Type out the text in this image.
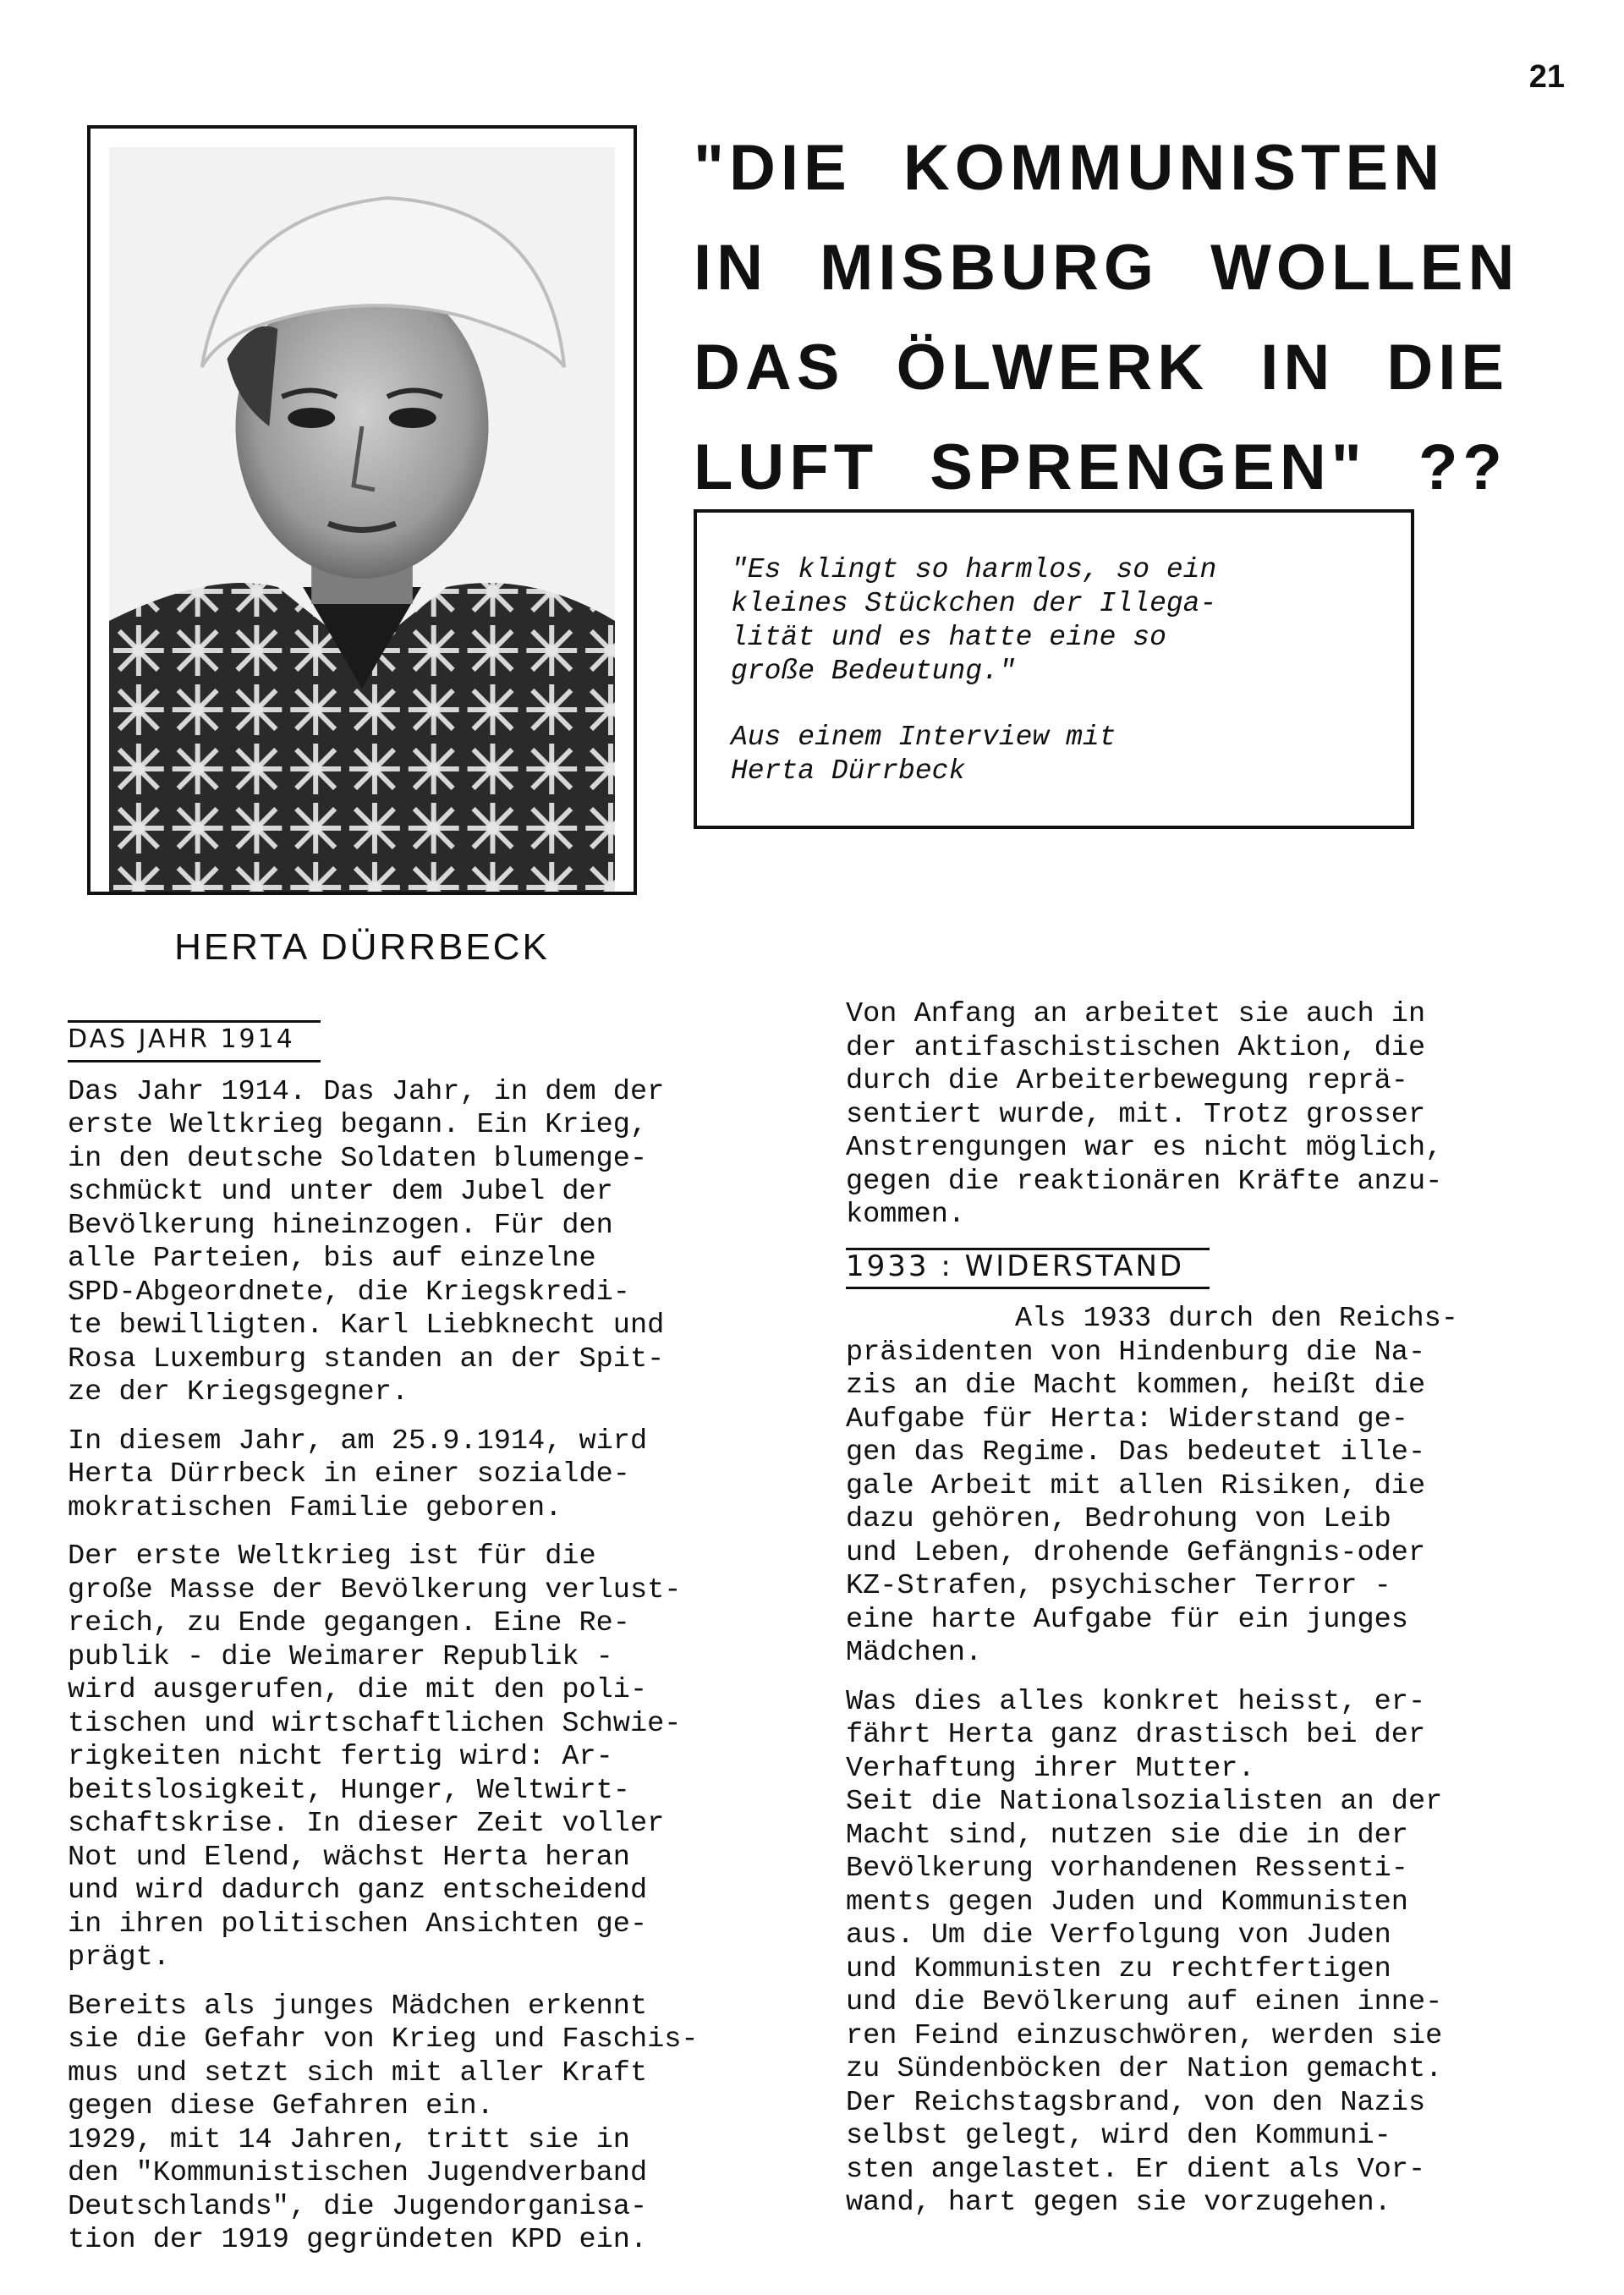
21
HERTA DÜRRBECK
"DIE KOMMUNISTEN
IN MISBURG WOLLEN
DAS ÖLWERK IN DIE
LUFT SPRENGEN" ??

"Es klingt so harmlos, so ein
kleines Stückchen der Illega-
lität und es hatte eine so
große Bedeutung."

Aus einem Interview mit
Herta Dürrbeck

DAS JAHR 1914

Das Jahr 1914. Das Jahr, in dem der
erste Weltkrieg begann. Ein Krieg,
in den deutsche Soldaten blumenge-
schmückt und unter dem Jubel der
Bevölkerung hineinzogen. Für den
alle Parteien, bis auf einzelne
SPD-Abgeordnete, die Kriegskredi-
te bewilligten. Karl Liebknecht und
Rosa Luxemburg standen an der Spit-
ze der Kriegsgegner.

In diesem Jahr, am 25.9.1914, wird
Herta Dürrbeck in einer sozialde-
mokratischen Familie geboren.

Der erste Weltkrieg ist für die
große Masse der Bevölkerung verlust-
reich, zu Ende gegangen. Eine Re-
publik - die Weimarer Republik -
wird ausgerufen, die mit den poli-
tischen und wirtschaftlichen Schwie-
rigkeiten nicht fertig wird: Ar-
beitslosigkeit, Hunger, Weltwirt-
schaftskrise. In dieser Zeit voller
Not und Elend, wächst Herta heran
und wird dadurch ganz entscheidend
in ihren politischen Ansichten ge-
prägt.

Bereits als junges Mädchen erkennt
sie die Gefahr von Krieg und Faschis-
mus und setzt sich mit aller Kraft
gegen diese Gefahren ein.
1929, mit 14 Jahren, tritt sie in
den "Kommunistischen Jugendverband
Deutschlands", die Jugendorganisa-
tion der 1919 gegründeten KPD ein.

Von Anfang an arbeitet sie auch in
der antifaschistischen Aktion, die
durch die Arbeiterbewegung reprä-
sentiert wurde, mit. Trotz grosser
Anstrengungen war es nicht möglich,
gegen die reaktionären Kräfte anzu-
kommen.

1933 : WIDERSTAND

Als 1933 durch den Reichs-
präsidenten von Hindenburg die Na-
zis an die Macht kommen, heißt die
Aufgabe für Herta: Widerstand ge-
gen das Regime. Das bedeutet ille-
gale Arbeit mit allen Risiken, die
dazu gehören, Bedrohung von Leib
und Leben, drohende Gefängnis-oder
KZ-Strafen, psychischer Terror -
eine harte Aufgabe für ein junges
Mädchen.

Was dies alles konkret heisst, er-
fährt Herta ganz drastisch bei der
Verhaftung ihrer Mutter.
Seit die Nationalsozialisten an der
Macht sind, nutzen sie die in der
Bevölkerung vorhandenen Ressenti-
ments gegen Juden und Kommunisten
aus. Um die Verfolgung von Juden
und Kommunisten zu rechtfertigen
und die Bevölkerung auf einen inne-
ren Feind einzuschwören, werden sie
zu Sündenböcken der Nation gemacht.
Der Reichstagsbrand, von den Nazis
selbst gelegt, wird den Kommuni-
sten angelastet. Er dient als Vor-
wand, hart gegen sie vorzugehen.
